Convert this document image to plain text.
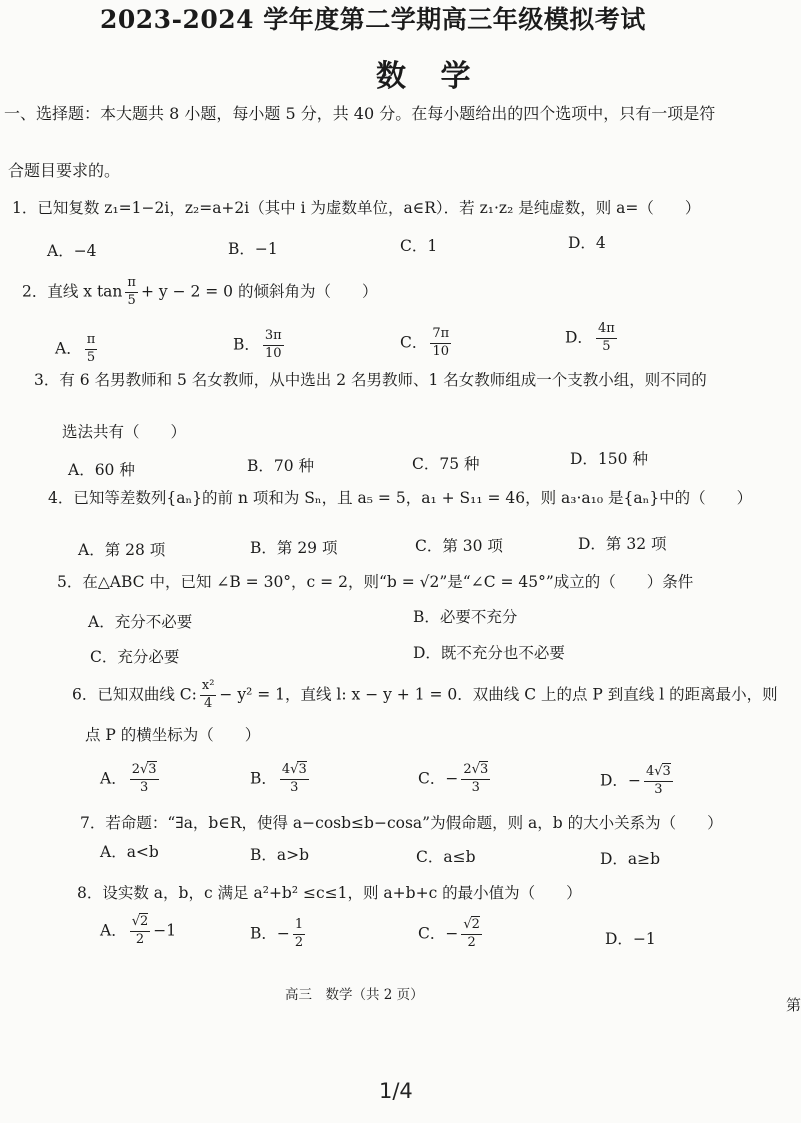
2023-2024 学年度第二学期高三年级模拟考试
数 学
一、选择题：本大题共 8 小题，每小题 5 分，共 40 分。在每小题给出的四个选项中，只有一项是符
合题目要求的。
1．已知复数 z₁=1−2i，z₂=a+2i（其中 i 为虚数单位，a∈R）．若 z₁·z₂ 是纯虚数，则 a=（　　）
A．−4	B．−1	C．1	D．4
2．直线 x $\tan \frac{\pi}{5} + y - 2 = 0$ 的倾斜角为（　　）
A． $\frac{\pi}{5}$	B． $\frac{3\pi}{10}$	C． $\frac{7\pi}{10}$	D． $\frac{4\pi}{5}$
3．有 6 名男教师和 5 名女教师，从中选出 2 名男教师、1 名女教师组成一个支教小组，则不同的
选法共有（　　）
A．60 种	B．70 种	C．75 种	D．150 种
4．已知等差数列{aₙ}的前 n 项和为 Sₙ，且 a₅ = 5，a₁ + S₁₁ = 46，则 a₃·a₁₀ 是{aₙ}中的（　　）
A．第 28 项	B．第 29 项	C．第 30 项	D．第 32 项
5．在△ABC 中，已知 ∠B = 30°，c = 2，则“b = √2”是“∠C = 45°”成立的（　　）条件
A．充分不必要	B．必要不充分
C．充分必要	D．既不充分也不必要
6．已知双曲线 C: $\frac{\text{x²}}{4} - y^2 = 1$，直线 l: x − y + 1 = 0．双曲线 C 上的点 P 到直线 l 的距离最小，则
点 P 的横坐标为（　　）
A． $\frac{2√3}{3}$	B． $\frac{4√3}{3}$	C．− $\frac{2√3}{3}$	D．− $\frac{4√3}{3}$
7．若命题：“∃a，b∈R，使得 a−cosb≤b−cosa”为假命题，则 a，b 的大小关系为（　　）
A．a<b	B．a>b	C．a≤b	D．a≥b
8．设实数 a，b，c 满足 a²+b² ≤c≤1，则 a+b+c 的最小值为（　　）
A． $\frac{√2}{2} -1$	B．− $\frac{1}{2}$	C．− $\frac{√2}{2}$	D．−1
高三　数学（共 2 页）
第
1/4
